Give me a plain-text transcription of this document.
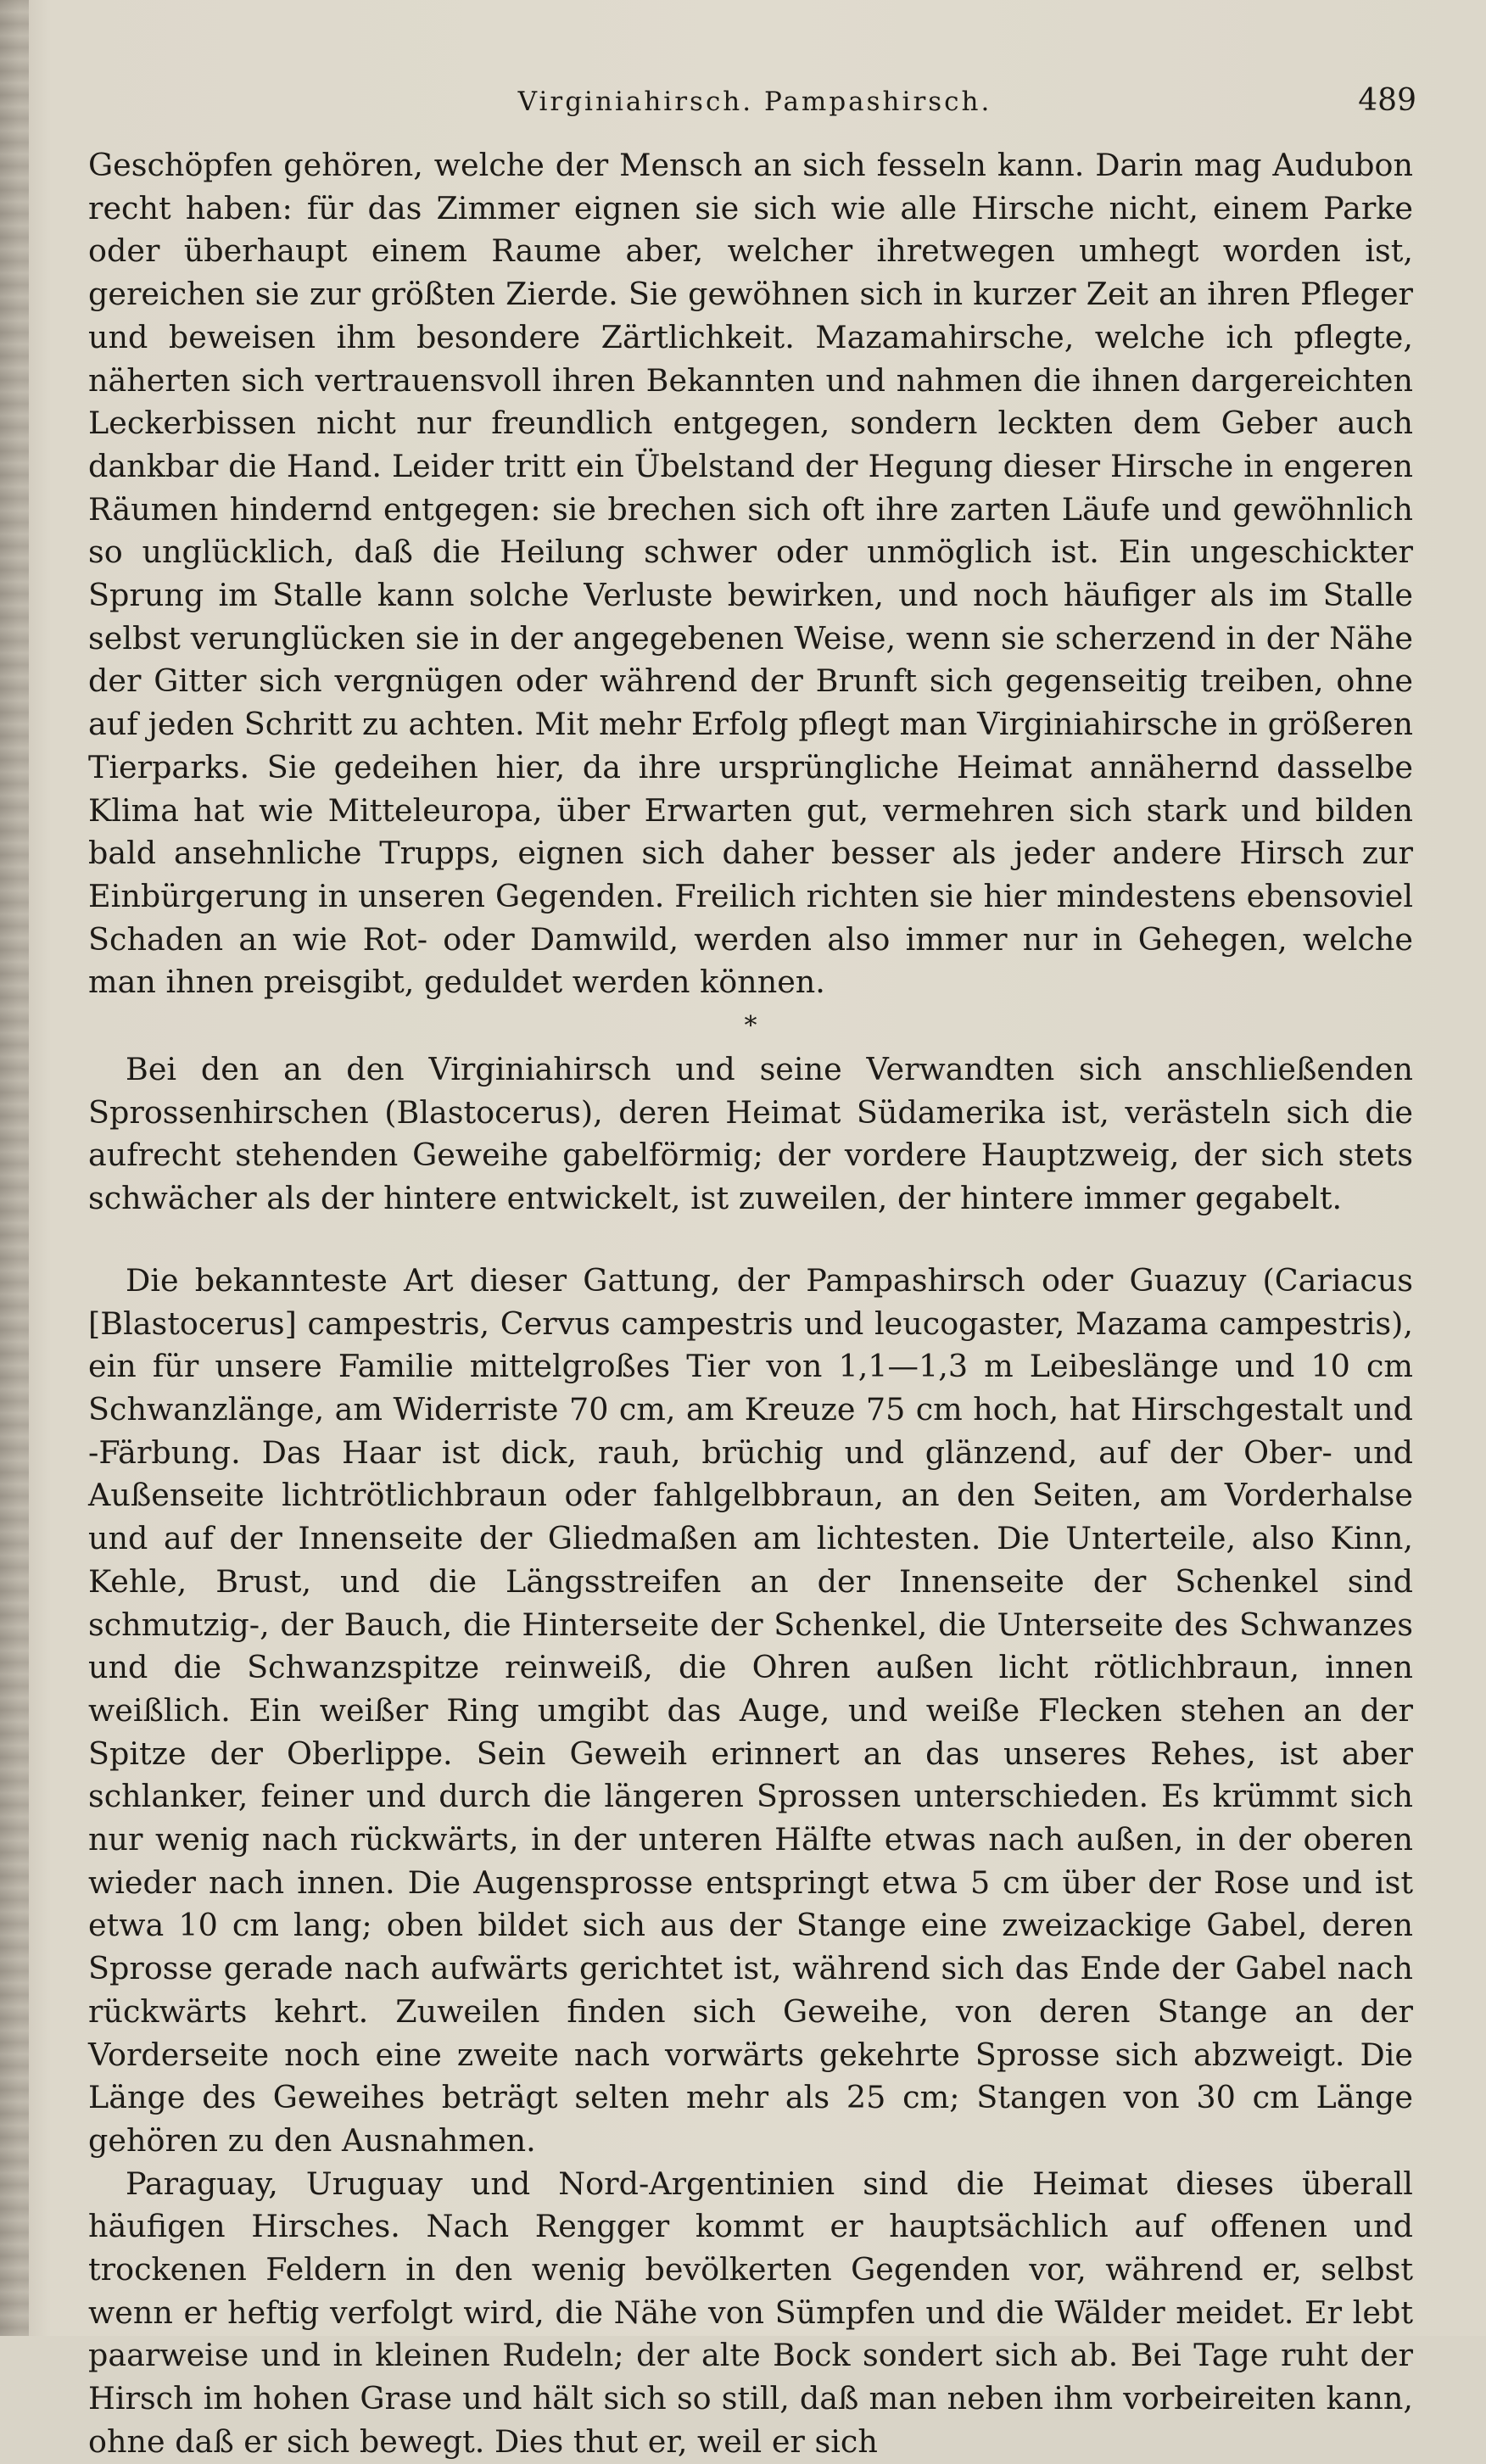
Virginiahirsch. Pampashirsch.	489

Geschöpfen gehören, welche der Mensch an sich fesseln kann. Darin mag Audubon recht haben: für das Zimmer eignen sie sich wie alle Hirsche nicht, einem Parke oder überhaupt einem Raume aber, welcher ihretwegen umhegt worden ist, gereichen sie zur größten Zierde. Sie gewöhnen sich in kurzer Zeit an ihren Pfleger und beweisen ihm besondere Zärtlichkeit. Mazamahirsche, welche ich pflegte, näherten sich vertrauensvoll ihren Bekannten und nahmen die ihnen dargereichten Leckerbissen nicht nur freundlich entgegen, sondern leckten dem Geber auch dankbar die Hand. Leider tritt ein Übelstand der Hegung dieser Hirsche in engeren Räumen hindernd entgegen: sie brechen sich oft ihre zarten Läufe und gewöhnlich so unglücklich, daß die Heilung schwer oder unmöglich ist. Ein ungeschickter Sprung im Stalle kann solche Verluste bewirken, und noch häufiger als im Stalle selbst verunglücken sie in der angegebenen Weise, wenn sie scherzend in der Nähe der Gitter sich vergnügen oder während der Brunft sich gegenseitig treiben, ohne auf jeden Schritt zu achten. Mit mehr Erfolg pflegt man Virginiahirsche in größeren Tierparks. Sie gedeihen hier, da ihre ursprüngliche Heimat annähernd dasselbe Klima hat wie Mitteleuropa, über Erwarten gut, vermehren sich stark und bilden bald ansehnliche Trupps, eignen sich daher besser als jeder andere Hirsch zur Einbürgerung in unseren Gegenden. Freilich richten sie hier mindestens ebensoviel Schaden an wie Rot- oder Damwild, werden also immer nur in Gehegen, welche man ihnen preisgibt, geduldet werden können.

*

Bei den an den Virginiahirsch und seine Verwandten sich anschließenden Sprossenhirschen (Blastocerus), deren Heimat Südamerika ist, verästeln sich die aufrecht stehenden Geweihe gabelförmig; der vordere Hauptzweig, der sich stets schwächer als der hintere entwickelt, ist zuweilen, der hintere immer gegabelt.

Die bekannteste Art dieser Gattung, der Pampashirsch oder Guazuy (Cariacus [Blastocerus] campestris, Cervus campestris und leucogaster, Mazama campestris), ein für unsere Familie mittelgroßes Tier von 1,1—1,3 m Leibeslänge und 10 cm Schwanzlänge, am Widerriste 70 cm, am Kreuze 75 cm hoch, hat Hirschgestalt und -Färbung. Das Haar ist dick, rauh, brüchig und glänzend, auf der Ober- und Außenseite lichtrötlichbraun oder fahlgelbbraun, an den Seiten, am Vorderhalse und auf der Innenseite der Gliedmaßen am lichtesten. Die Unterteile, also Kinn, Kehle, Brust, und die Längsstreifen an der Innenseite der Schenkel sind schmutzig-, der Bauch, die Hinterseite der Schenkel, die Unterseite des Schwanzes und die Schwanzspitze reinweiß, die Ohren außen licht rötlichbraun, innen weißlich. Ein weißer Ring umgibt das Auge, und weiße Flecken stehen an der Spitze der Oberlippe. Sein Geweih erinnert an das unseres Rehes, ist aber schlanker, feiner und durch die längeren Sprossen unterschieden. Es krümmt sich nur wenig nach rückwärts, in der unteren Hälfte etwas nach außen, in der oberen wieder nach innen. Die Augensprosse entspringt etwa 5 cm über der Rose und ist etwa 10 cm lang; oben bildet sich aus der Stange eine zweizackige Gabel, deren Sprosse gerade nach aufwärts gerichtet ist, während sich das Ende der Gabel nach rückwärts kehrt. Zuweilen finden sich Geweihe, von deren Stange an der Vorderseite noch eine zweite nach vorwärts gekehrte Sprosse sich abzweigt. Die Länge des Geweihes beträgt selten mehr als 25 cm; Stangen von 30 cm Länge gehören zu den Ausnahmen.

Paraguay, Uruguay und Nord-Argentinien sind die Heimat dieses überall häufigen Hirsches. Nach Rengger kommt er hauptsächlich auf offenen und trockenen Feldern in den wenig bevölkerten Gegenden vor, während er, selbst wenn er heftig verfolgt wird, die Nähe von Sümpfen und die Wälder meidet. Er lebt paarweise und in kleinen Rudeln; der alte Bock sondert sich ab. Bei Tage ruht der Hirsch im hohen Grase und hält sich so still, daß man neben ihm vorbeireiten kann, ohne daß er sich bewegt. Dies thut er, weil er sich
